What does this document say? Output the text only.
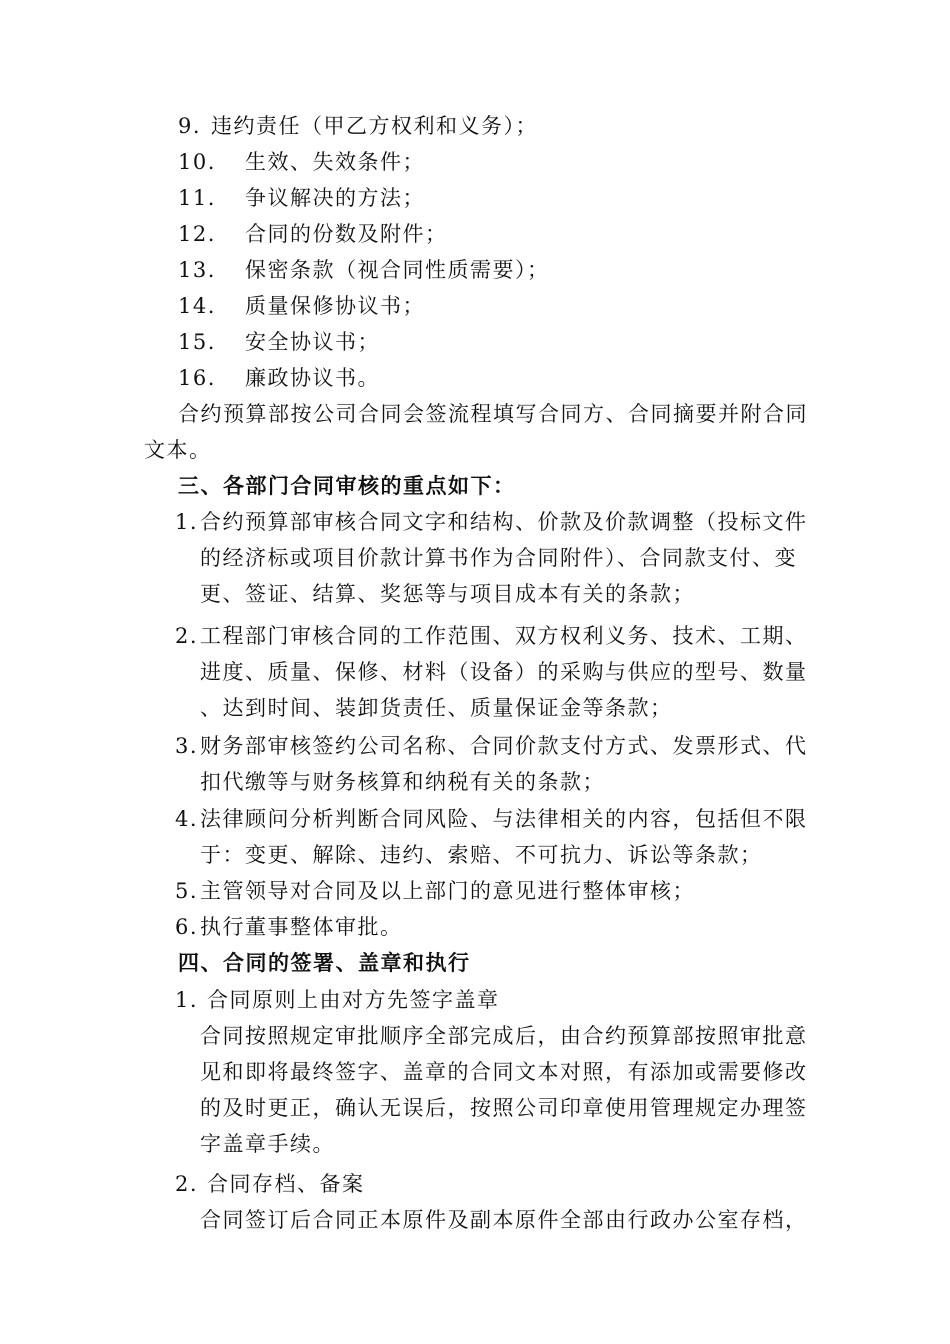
9. 违约责任（甲乙方权利和义务）；
10. 生效、失效条件；
11. 争议解决的方法；
12. 合同的份数及附件；
13. 保密条款（视合同性质需要）；
14. 质量保修协议书；
15. 安全协议书；
16. 廉政协议书。
合约预算部按公司合同会签流程填写合同方、合同摘要并附合同
文本。
三、各部门合同审核的重点如下：
1. 合约预算部审核合同文字和结构、价款及价款调整（投标文件
的经济标或项目价款计算书作为合同附件）、合同款支付、变
更、签证、结算、奖惩等与项目成本有关的条款；
2. 工程部门审核合同的工作范围、双方权利义务、技术、工期、
进度、质量、保修、材料（设备）的采购与供应的型号、数量
、达到时间、装卸货责任、质量保证金等条款；
3. 财务部审核签约公司名称、合同价款支付方式、发票形式、代
扣代缴等与财务核算和纳税有关的条款；
4. 法律顾问分析判断合同风险、与法律相关的内容，包括但不限
于：变更、解除、违约、索赔、不可抗力、诉讼等条款；
5. 主管领导对合同及以上部门的意见进行整体审核；
6. 执行董事整体审批。
四、合同的签署、盖章和执行
1. 合同原则上由对方先签字盖章
合同按照规定审批顺序全部完成后，由合约预算部按照审批意
见和即将最终签字、盖章的合同文本对照，有添加或需要修改
的及时更正，确认无误后，按照公司印章使用管理规定办理签
字盖章手续。
2. 合同存档、备案
合同签订后合同正本原件及副本原件全部由行政办公室存档，
